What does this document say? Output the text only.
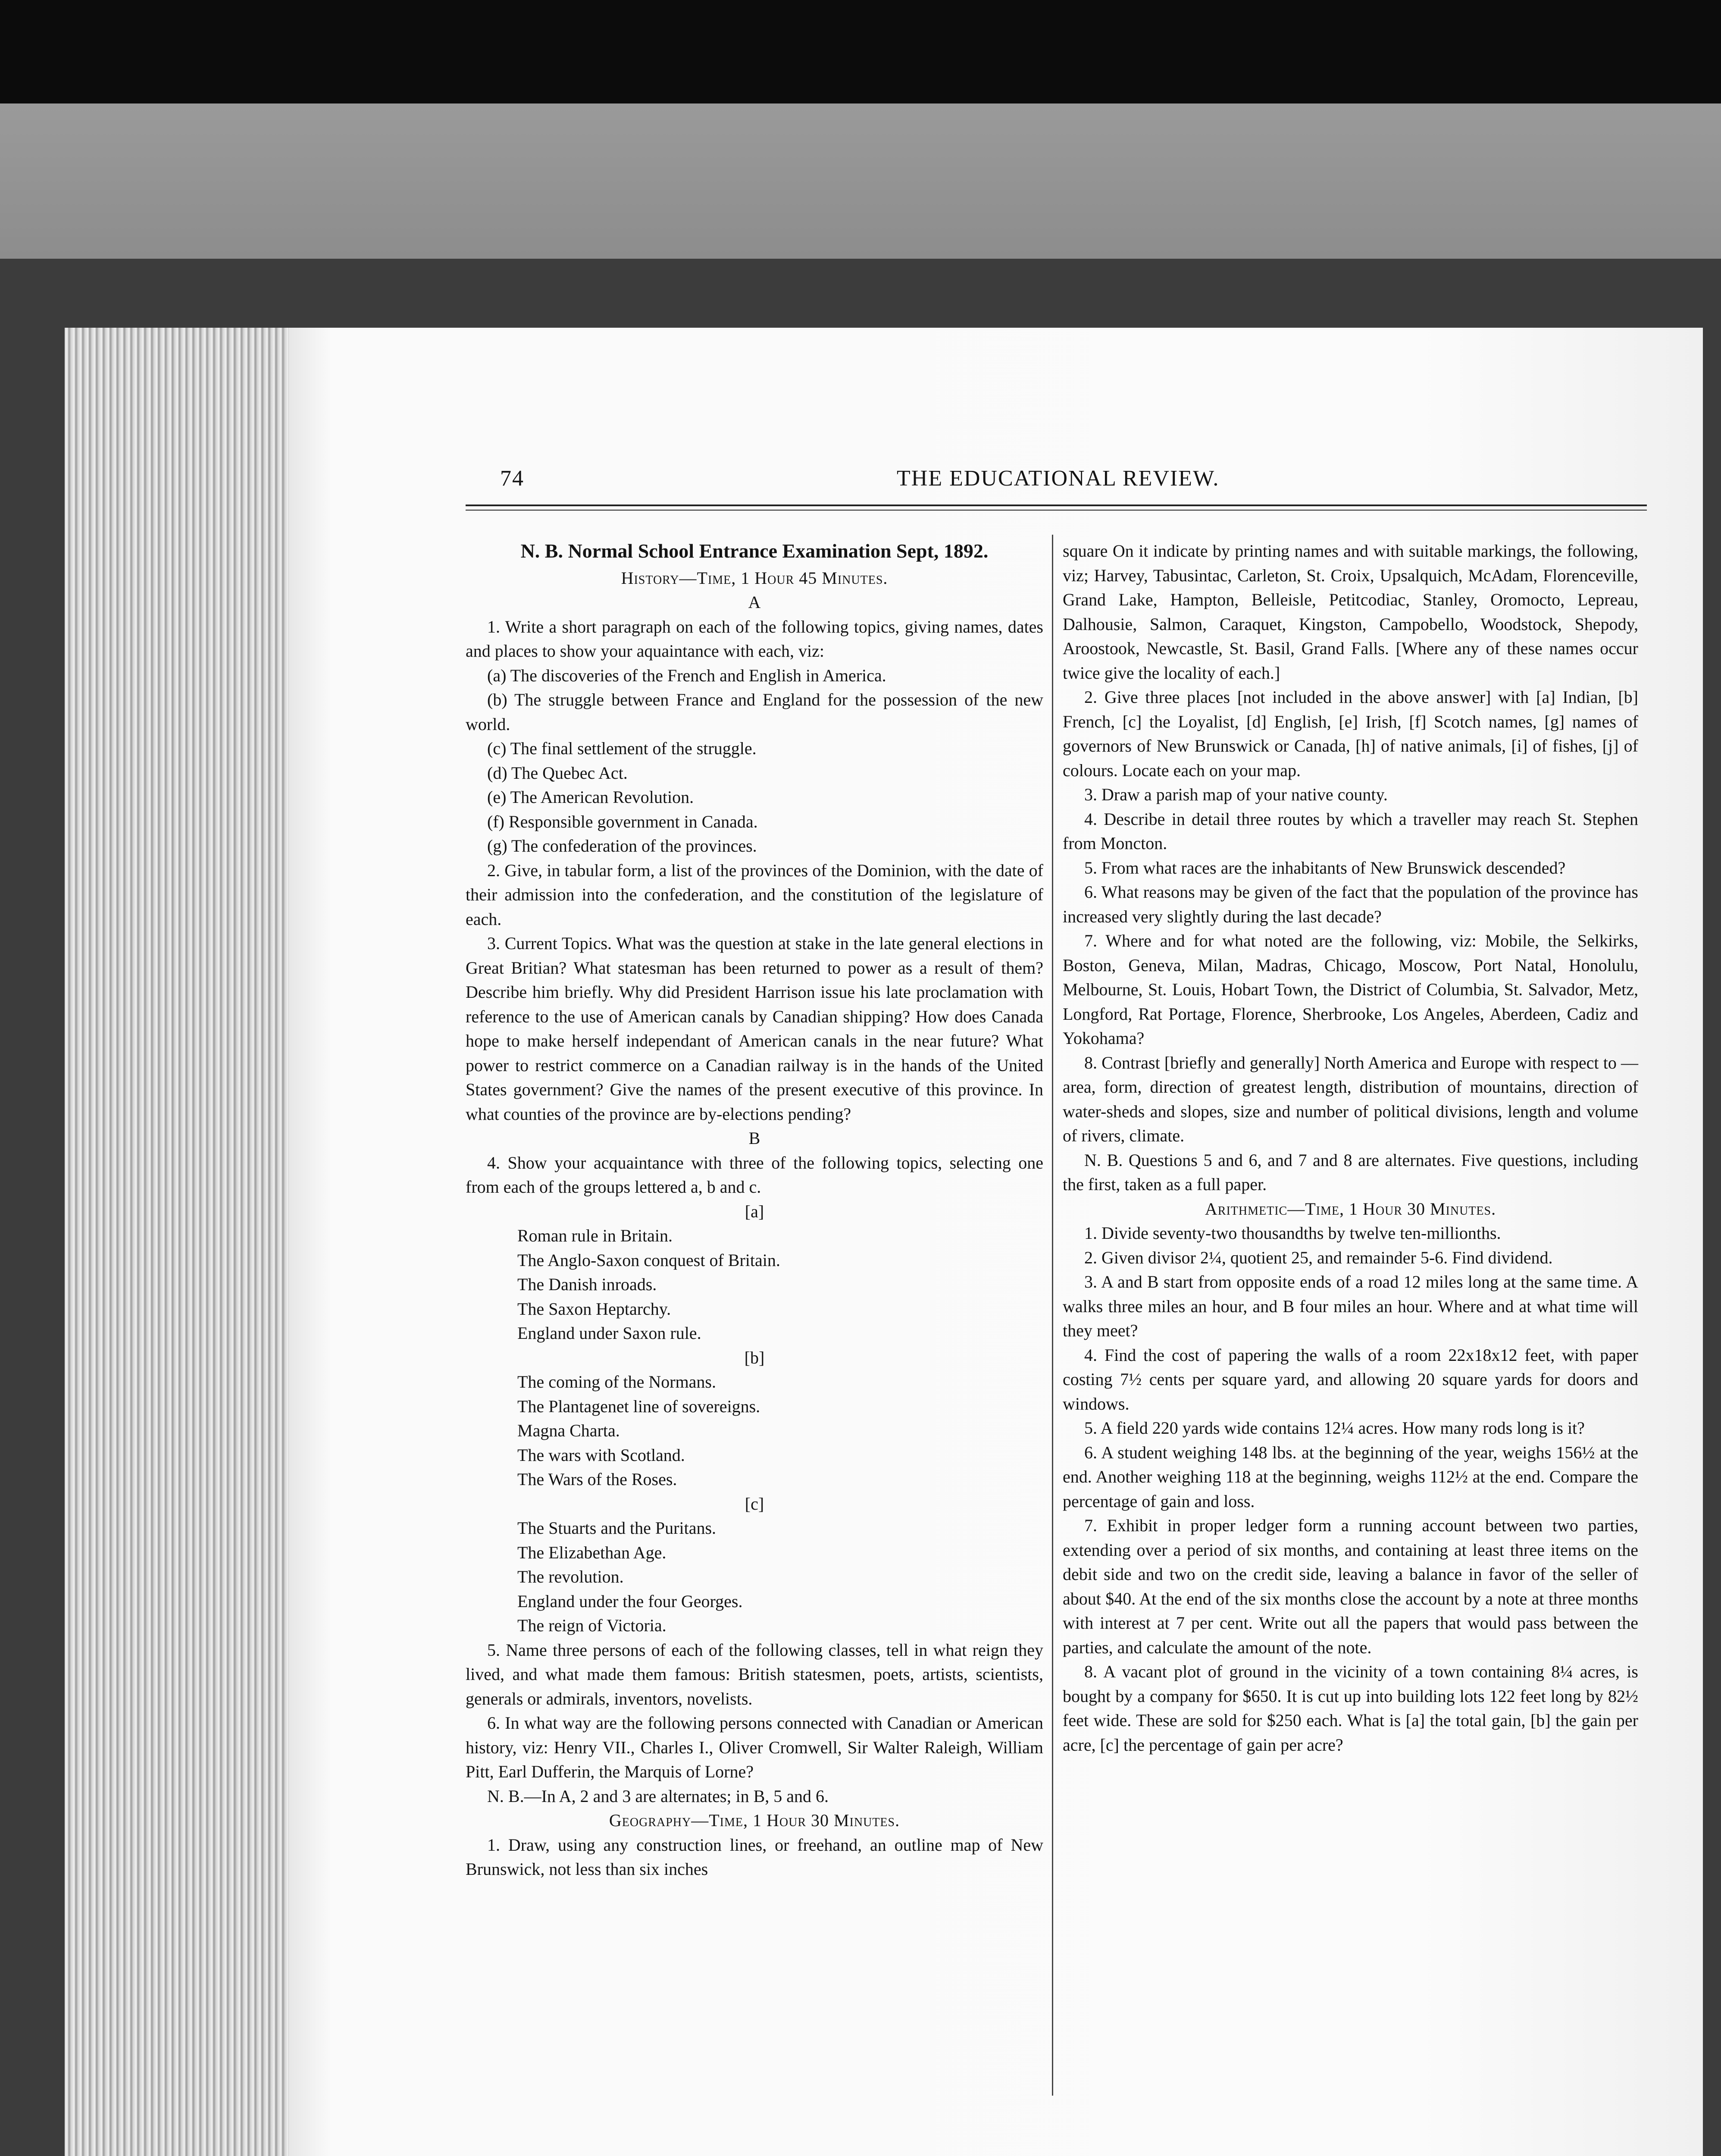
74	THE EDUCATIONAL REVIEW.

N. B. Normal School Entrance Examination Sept, 1892.

History—Time, 1 Hour 45 Minutes.

A

1. Write a short paragraph on each of the following topics, giving names, dates and places to show your aquaintance with each, viz:

(a) The discoveries of the French and English in America.

(b) The struggle between France and England for the possession of the new world.

(c) The final settlement of the struggle.

(d) The Quebec Act.

(e) The American Revolution.

(f) Responsible government in Canada.

(g) The confederation of the provinces.

2. Give, in tabular form, a list of the provinces of the Dominion, with the date of their admission into the confederation, and the constitution of the legislature of each.

3. Current Topics. What was the question at stake in the late general elections in Great Britian? What statesman has been returned to power as a result of them? Describe him briefly. Why did President Harrison issue his late proclamation with reference to the use of American canals by Canadian shipping? How does Canada hope to make herself independant of American canals in the near future? What power to restrict commerce on a Canadian railway is in the hands of the United States government? Give the names of the present executive of this province. In what counties of the province are by-elections pending?

B

4. Show your acquaintance with three of the following topics, selecting one from each of the groups lettered a, b and c.

[a]

Roman rule in Britain.

The Anglo-Saxon conquest of Britain.

The Danish inroads.

The Saxon Heptarchy.

England under Saxon rule.

[b]

The coming of the Normans.

The Plantagenet line of sovereigns.

Magna Charta.

The wars with Scotland.

The Wars of the Roses.

[c]

The Stuarts and the Puritans.

The Elizabethan Age.

The revolution.

England under the four Georges.

The reign of Victoria.

5. Name three persons of each of the following classes, tell in what reign they lived, and what made them famous: British statesmen, poets, artists, scientists, generals or admirals, inventors, novelists.

6. In what way are the following persons connected with Canadian or American history, viz: Henry VII., Charles I., Oliver Cromwell, Sir Walter Raleigh, William Pitt, Earl Dufferin, the Marquis of Lorne?

N. B.—In A, 2 and 3 are alternates; in B, 5 and 6.

Geography—Time, 1 Hour 30 Minutes.

1. Draw, using any construction lines, or freehand, an outline map of New Brunswick, not less than six inches

square On it indicate by printing names and with suitable markings, the following, viz; Harvey, Tabusintac, Carleton, St. Croix, Upsalquich, McAdam, Florenceville, Grand Lake, Hampton, Belleisle, Petitcodiac, Stanley, Oromocto, Lepreau, Dalhousie, Salmon, Caraquet, Kingston, Campobello, Woodstock, Shepody, Aroostook, Newcastle, St. Basil, Grand Falls. [Where any of these names occur twice give the locality of each.]

2. Give three places [not included in the above answer] with [a] Indian, [b] French, [c] the Loyalist, [d] English, [e] Irish, [f] Scotch names, [g] names of governors of New Brunswick or Canada, [h] of native animals, [i] of fishes, [j] of colours. Locate each on your map.

3. Draw a parish map of your native county.

4. Describe in detail three routes by which a traveller may reach St. Stephen from Moncton.

5. From what races are the inhabitants of New Brunswick descended?

6. What reasons may be given of the fact that the population of the province has increased very slightly during the last decade?

7. Where and for what noted are the following, viz: Mobile, the Selkirks, Boston, Geneva, Milan, Madras, Chicago, Moscow, Port Natal, Honolulu, Melbourne, St. Louis, Hobart Town, the District of Columbia, St. Salvador, Metz, Longford, Rat Portage, Florence, Sherbrooke, Los Angeles, Aberdeen, Cadiz and Yokohama?

8. Contrast [briefly and generally] North America and Europe with respect to — area, form, direction of greatest length, distribution of mountains, direction of water-sheds and slopes, size and number of political divisions, length and volume of rivers, climate.

N. B. Questions 5 and 6, and 7 and 8 are alternates. Five questions, including the first, taken as a full paper.

Arithmetic—Time, 1 Hour 30 Minutes.

1. Divide seventy-two thousandths by twelve ten-millionths.

2. Given divisor 2¼, quotient 25, and remainder 5-6. Find dividend.

3. A and B start from opposite ends of a road 12 miles long at the same time. A walks three miles an hour, and B four miles an hour. Where and at what time will they meet?

4. Find the cost of papering the walls of a room 22x18x12 feet, with paper costing 7½ cents per square yard, and allowing 20 square yards for doors and windows.

5. A field 220 yards wide contains 12¼ acres. How many rods long is it?

6. A student weighing 148 lbs. at the beginning of the year, weighs 156½ at the end. Another weighing 118 at the beginning, weighs 112½ at the end. Compare the percentage of gain and loss.

7. Exhibit in proper ledger form a running account between two parties, extending over a period of six months, and containing at least three items on the debit side and two on the credit side, leaving a balance in favor of the seller of about $40. At the end of the six months close the account by a note at three months with interest at 7 per cent. Write out all the papers that would pass between the parties, and calculate the amount of the note.

8. A vacant plot of ground in the vicinity of a town containing 8¼ acres, is bought by a company for $650. It is cut up into building lots 122 feet long by 82½ feet wide. These are sold for $250 each. What is [a] the total gain, [b] the gain per acre, [c] the percentage of gain per acre?
